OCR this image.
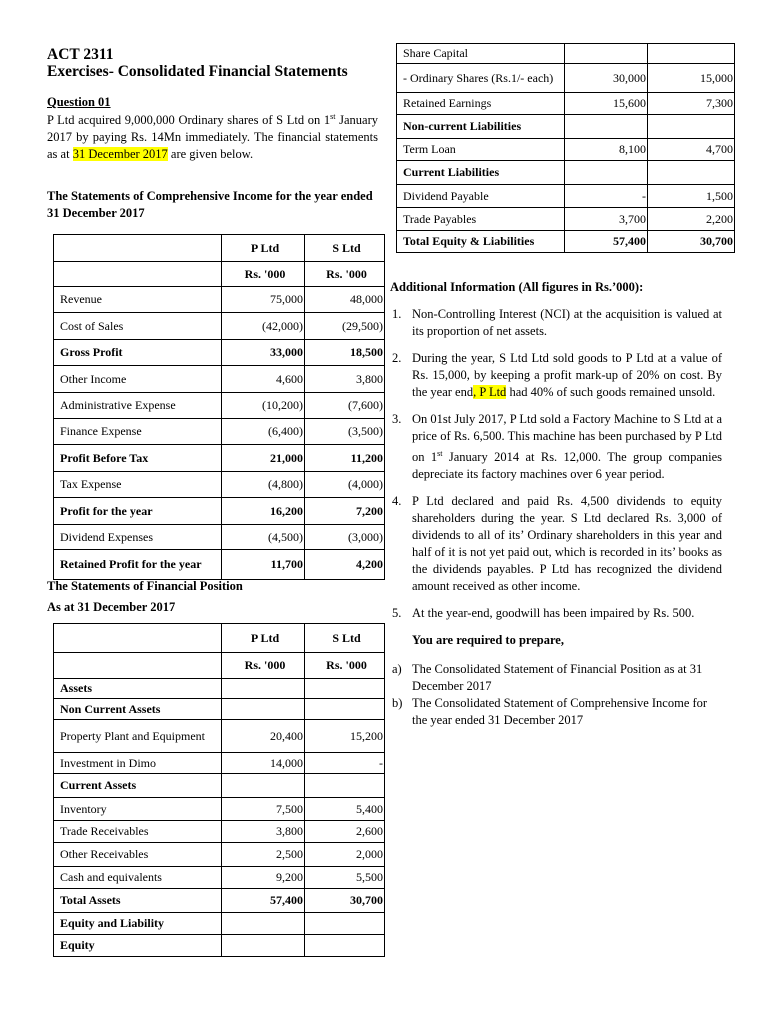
ACT 2311
Exercises- Consolidated Financial Statements
Question 01
P Ltd acquired 9,000,000 Ordinary shares of S Ltd on 1st January 2017 by paying Rs. 14Mn immediately. The financial statements as at 31 December 2017 are given below.
The Statements of Comprehensive Income for the year ended 31 December 2017
	P Ltd	S Ltd
	Rs. '000	Rs. '000
Revenue	75,000	48,000
Cost of Sales	(42,000)	(29,500)
Gross Profit	33,000	18,500
Other Income	4,600	3,800
Administrative Expense	(10,200)	(7,600)
Finance Expense	(6,400)	(3,500)
Profit Before Tax	21,000	11,200
Tax Expense	(4,800)	(4,000)
Profit for the year	16,200	7,200
Dividend Expenses	(4,500)	(3,000)
Retained Profit for the year	11,700	4,200
The Statements of Financial Position
As at 31 December 2017
	P Ltd	S Ltd
	Rs. '000	Rs. '000
Assets		
Non Current Assets		
Property Plant and Equipment	20,400	15,200
Investment in Dimo	14,000	-
Current Assets		
Inventory	7,500	5,400
Trade Receivables	3,800	2,600
Other Receivables	2,500	2,000
Cash and equivalents	9,200	5,500
Total Assets	57,400	30,700
Equity and Liability		
Equity		
Share Capital		
- Ordinary Shares (Rs.1/- each)	30,000	15,000
Retained Earnings	15,600	7,300
Non-current Liabilities		
Term Loan	8,100	4,700
Current Liabilities		
Dividend Payable	-	1,500
Trade Payables	3,700	2,200
Total Equity & Liabilities	57,400	30,700
Additional Information (All figures in Rs.’000):
1. Non-Controlling Interest (NCI) at the acquisition is valued at its proportion of net assets.
2. During the year, S Ltd Ltd sold goods to P Ltd at a value of Rs. 15,000, by keeping a profit mark-up of 20% on cost. By the year end, P Ltd had 40% of such goods remained unsold.
3. On 01st July 2017, P Ltd sold a Factory Machine to S Ltd at a price of Rs. 6,500. This machine has been purchased by P Ltd on 1st January 2014 at Rs. 12,000. The group companies depreciate its factory machines over 6 year period.
4. P Ltd declared and paid Rs. 4,500 dividends to equity shareholders during the year. S Ltd declared Rs. 3,000 of dividends to all of its’ Ordinary shareholders in this year and half of it is not yet paid out, which is recorded in its’ books as the dividends payables. P Ltd has recognized the dividend amount received as other income.
5. At the year-end, goodwill has been impaired by Rs. 500.
You are required to prepare,
a) The Consolidated Statement of Financial Position as at 31 December 2017
b) The Consolidated Statement of Comprehensive Income for the year ended 31 December 2017
